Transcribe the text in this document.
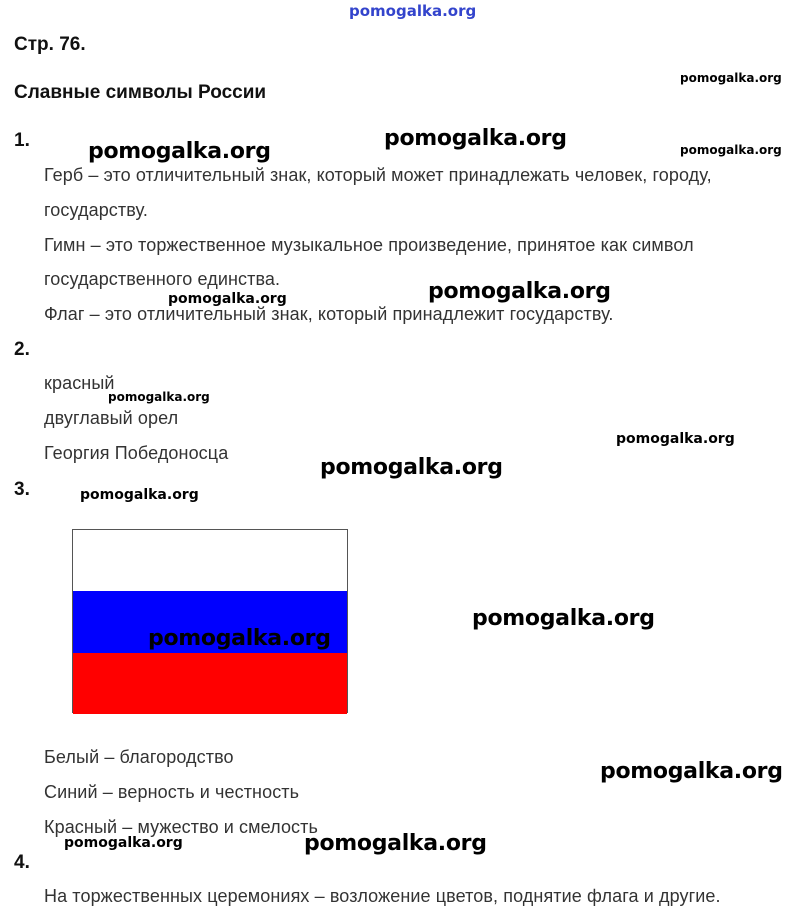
pomogalka.org
Стр. 76.
Славные символы России
1.
Герб – это отличительный знак, который может принадлежать человек, городу,
государству.
Гимн – это торжественное музыкальное произведение, принятое как символ
государственного единства.
Флаг – это отличительный знак, который принадлежит государству.
2.
красный
двуглавый орел
Георгия Победоносца
3.
Белый – благородство
Синий – верность и честность
Красный – мужество и смелость
4.
На торжественных церемониях – возложение цветов, поднятие флага и другие.
pomogalka.org
pomogalka.org
pomogalka.org	pomogalka.org
pomogalka.org	pomogalka.org
pomogalka.org
pomogalka.org
pomogalka.org
pomogalka.org
pomogalka.org
pomogalka.org
pomogalka.org
pomogalka.org	pomogalka.org
